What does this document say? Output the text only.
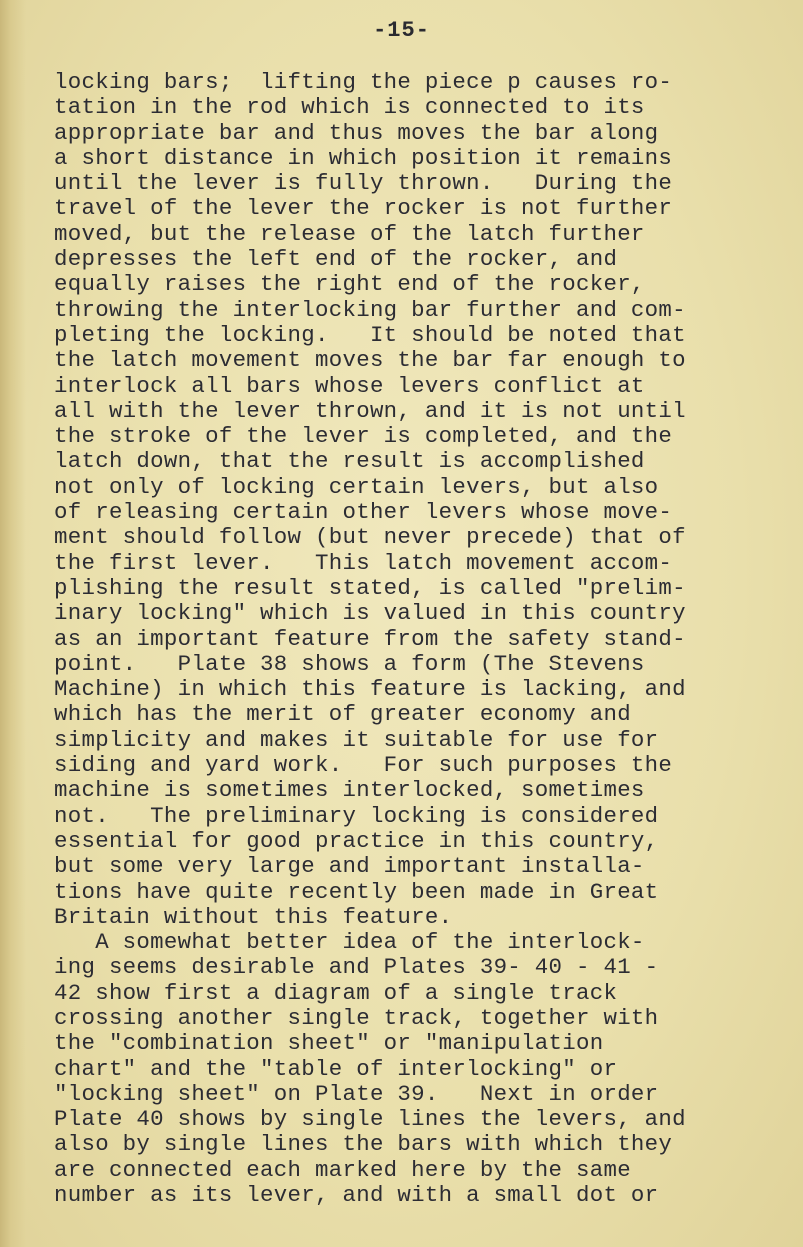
-15-
locking bars;  lifting the piece p causes ro-
tation in the rod which is connected to its
appropriate bar and thus moves the bar along
a short distance in which position it remains
until the lever is fully thrown.   During the
travel of the lever the rocker is not further
moved, but the release of the latch further
depresses the left end of the rocker, and
equally raises the right end of the rocker,
throwing the interlocking bar further and com-
pleting the locking.   It should be noted that
the latch movement moves the bar far enough to
interlock all bars whose levers conflict at
all with the lever thrown, and it is not until
the stroke of the lever is completed, and the
latch down, that the result is accomplished
not only of locking certain levers, but also
of releasing certain other levers whose move-
ment should follow (but never precede) that of
the first lever.   This latch movement accom-
plishing the result stated, is called "prelim-
inary locking" which is valued in this country
as an important feature from the safety stand-
point.   Plate 38 shows a form (The Stevens
Machine) in which this feature is lacking, and
which has the merit of greater economy and
simplicity and makes it suitable for use for
siding and yard work.   For such purposes the
machine is sometimes interlocked, sometimes
not.   The preliminary locking is considered
essential for good practice in this country,
but some very large and important installa-
tions have quite recently been made in Great
Britain without this feature.
A somewhat better idea of the interlock-
ing seems desirable and Plates 39- 40 - 41 -
42 show first a diagram of a single track
crossing another single track, together with
the "combination sheet" or "manipulation
chart" and the "table of interlocking" or
"locking sheet" on Plate 39.   Next in order
Plate 40 shows by single lines the levers, and
also by single lines the bars with which they
are connected each marked here by the same
number as its lever, and with a small dot or
